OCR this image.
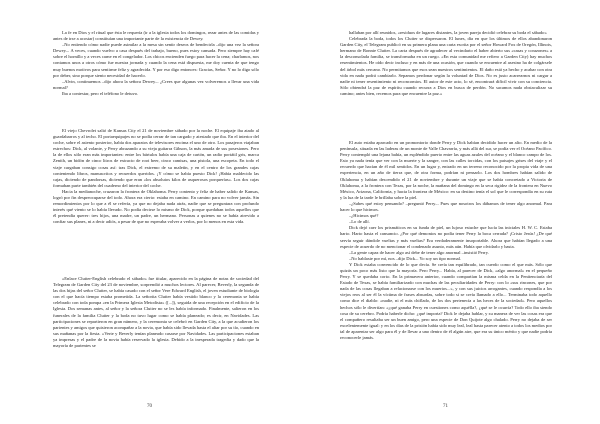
La fe en Dios y el ritual que ésta le requería (ir a la iglesia todos los domingos, rezar antes de las comidas y antes de irse a acostar) constituían una importante parte de la existencia de Dewey.

–No entiendo cómo nadie puede asimilar a la mesa sin sentir deseos de bendecirla –dijo una vez la señora Dewey–. A veces, cuando vuelvo a casa después del trabajo, bueno, pues estoy cansada. Pero siempre hay café sobre el hornillo y a veces carne en el congelador. Los chicos encienden fuego para hacer la cena; charlamos, nos contamos unos a otros cómo fue nuestra jornada y cuando la cena está dispuesta, me doy cuenta de que tengo muy buenos motivos para sentirme feliz y agradecida. Y por eso digo entonces: Gracias, Señor. Y no lo digo sólo por deber, sino porque siento necesidad de hacerlo.

–Alvin, continuemos –dijo ahora la señora Dewey–. ¿Crees que algunas vez volveremos a llevar una vida normal?

Iba a contestar, pero el teléfono le detuvo.

El viejo Chevrolet salió de Kansas City el 21 de noviembre sábado por la noche. El equipaje iba atado al guardabarros y al techo. El portaequipajes no se podía cerrar de tan cargado y atestado que iba. En el interior del coche, sobre el asiento posterior, había dos aparatos de televisores encima el uno de otro. Los pasajeros viajaban estrechos: Dick, al volante, y Perry abrazando a su vieja guitarra Gibson, la más amada de sus posesiones. Pero la de ellos sólo eran más importantes: entre los bártulos había una caja de cartón, un radio portátil gris, marca Zenith, un bidón de cinco litros de extracto de root beer, cinco camisas, una pistola, una escopeta. En todo el viaje cargaban consigo cosas así: tras Dick, el extremo de su maletín, y en el centro de los grandes cajas conteniendo libros, manuscritos y recuerdos queridos. ¡Y cómo se había puesto Dick! ¡Había maldecido las cajas, diciendo de pandorsas, diciendo que eran «los absolutos kilos de asquerosos porquerías». Los dos cajas formaban parte también del cuaderno del interior del coche.

Hacia la medianoche, cruzaron la frontera de Oklahoma. Perry contento y feliz de haber salido de Kansas, logró por fin despreocuparse del todo. Ahora era cierto: estaba en camino. En camino para no volver jamás. Sin remordimientos por lo que a él se refería, ya que no dejaba nada atrás, nadie que se preguntara con profundo interés qué viento se lo había llevado. No podía decirse lo mismo de Dick, porque quedaban todos aquellos que él pretendía querer: tres hijos, una madre, un padre, un hermano. Personas a quienes no se había atrevido a confiar sus planes, ni a decir adiós, a pesar de que no esperaba volver a verlos, por lo menos en esta vida.

«Enlace Clutter-English celebrado el sábado» fue titular, aparecido en la página de notas de sociedad del Telegram de Garden City del 23 de noviembre, sorprendió a muchos lectores. Al parecer, Beverly, la segunda de las dos hijas del señor Clutter, se había casado con el señor Vere Edward English, el joven estudiante de biología con el que hacía tiempo estaba prometida. La señorita Clutter había vestido blanco y la ceremonia se había celebrado con toda pompa «en la Primera Iglesia Metodista» ([...]), seguida de una recepción en el edificio de la Iglesia. Dos semanas antes, al señor y la señora Clutter no se les había informado. Finalmente, salieron en los funerales de la familia Clutter y la boda no tuvo lugar como se había planeado; es decir, en Navidades. Las participaciones se repartieron en gran número, y la ceremonia se celebró en Garden City, a la que acudieron los parientes y amigos que quisieron acompañar a la novia, que había sido llevada hasta el altar por su tío, cuando en sus mañanas por la fiesta. «Verte y Beverly tenían planeado casarse por Navidades. Las participaciones estaban ya impresas y el padre de la novia había reservado la iglesia. Debido a la inesperada tragedia y dado que la mayoría de parientes se

70

hallaban por allí reunidos, «residuos de lugares distantes, la joven pareja decidió celebrar su boda el sábado»

Celebrada la boda, todos los Clutter se dispersaron. El lunes, día en que los últimos de ellos abandonaron Garden City, el Telegram publicó en su primera plana una carta escrita por el señor Howard Fox de Oregón, Illinois, hermano de Bonnie Clutter. La carta después de agradecer al vecindario el haber abierto sus «casas y corazones» a la desconsolada familia, se transformaba en un ruego. «En esta comunidad me refiero a Garden City) hay muchos resentimientos. He oído decir incluso y en más de una ocasión, que cuando se encuentre al asesino ha de colgársele del árbol más cercano. No permitamos que esos sean nuestros sentimientos. El daño está ya hecho y acabar con otra vida en nada podrá cambiarlo. Sepamos perdonar según la voluntad de Dios. No es justo acarrearnos ni cargar a nadie ni tener resentimiento ni reconcomios. El autor de este acto, lo sé, encontrará difícil vivir con su conciencia. Sólo obtendrá la paz de espíritu cuando recurra a Dios en busca de perdón. No sacamos nada obstaculizar su camino; antes bien, recemos para que encuentre la paz.»

El auto estaba aparcado en un promontorio donde Perry y Dick habían decidido hacer un alto. En medio de la península, situada en las laderas de un monte de Valle Chavarría, y más allá del sur, se podía ver el Océano Pacífico. Perry contempló una lejana bahía, un espléndido puerto entre las aguas azules del océano y el blanco campo de los. Esto ya nada tenía que ver con la muerte y la sangre, con las calles torcidas, con los paisajes grises del viaje y el recuerdo que hacían de él mil sentidos. En un lugar y, entrado en un terreno reconocido por la propia vida de una experiencia, en un año de tierra que, de otra forma, podrían ni pensarlo. Los dos hombres habían salido de Oklahoma y habían descendido el 21 de noviembre y durante un viaje que se había concretado a Victoria de Oklahoma, a la frontera con Texas, por la noche, la mañana del domingo en la seca rigidez de la frontera en Nuevo México, Arizona, California, y hacia la frontera de México: en su destino tenía el sol que le correspondía en su ruta y la luz de la tarde le brillaba sobre la piel.

–¿Sabes qué estoy pensando? –preguntó Perry–. Pues que nosotros los dábamos de tener algo anormal. Para hacer lo que hicimos.

–¿Hicimos qué?

–Lo de allí.

Dick dejó caer los prismáticos en su funda de piel, un lujoso estuche que lucía las iniciales H. W. C. Estaba harto. Harto hasta el cansancio. ¿Por qué demonios no podía tener Perry la boca cerrada? ¡Cristo Jesús! ¿De qué servía seguir dándole vueltas y más vueltas? Era verdaderamente insoportable. Ahora que habían llegado a una especie de acuerdo de no mencionar el condenado asunto, más aún. Había que olvidarlo y basta.

–La gente capaz de hacer algo así debe de tener algo anormal –insistió Perry.

–No hablaste por mí, nos –dijo Dick–. Yo soy un tipo normal.

Y Dick estaba convencido de lo que decía. Se creía tan equilibrado, tan cuerdo como el que más. Sólo que quizás un poco más listo que la mayoría. Pero Perry... Había, al parecer de Dick, «algo anormal» en el pequeño Perry. Y se quedaba corto. En la primavera anterior, cuando compartían la misma celda en la Penitenciaría del Estado de Texas, se había familiarizado con muchas de las peculiaridades de Perry: con lo «sus rincones, que por nada de las cosas llegaban a relacionarse con los muertos...», y con sus juicios arrogantes, cuando respondía a los viejos reos al ser él la víctima de frases absurdas, sobre todo si se creía llamado a ello... Terminaba todo aquello como dice el diablo: «nadie, ni el más chiflado, de los dos pertenecía a las heces de la sociedad». Pero aquellos hechos sólo le divertían: «¿qué ganaba Perry en cuestiones como aquélla?, ¿qué se le ocurría? Todo ello iba siendo cosa de su cerebro. Podría haberle dicho: ¿qué importa? Dick le dejaba hablar, y su manera de ver las cosas era que el compañero resultaba ser un buen amigo, pero una especie de Don Quijote algo chalado. Perry no dejaba de ser excelentemente igual: y en los días de la prisión había sido muy leal, leal hasta parecer atento a todos los medios por tal de aparentar ser algo para él y de llevar a uno dentro de él algún aire, que era su único mérito y que nadie podría reconocerle jamás.

71
